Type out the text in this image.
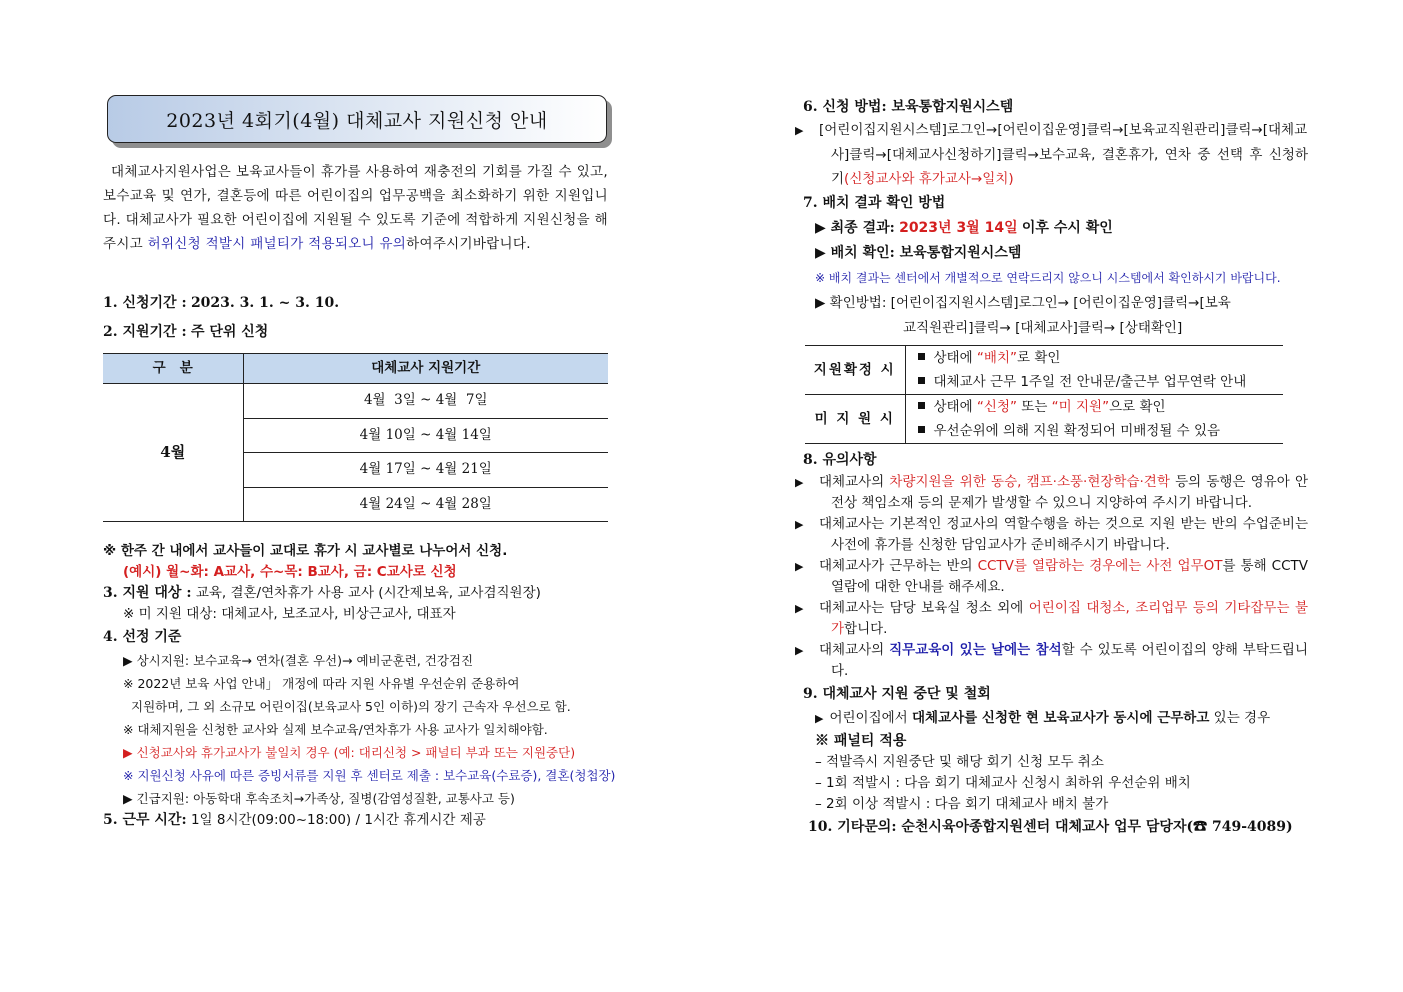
2023년 4회기(4월) 대체교사 지원신청 안내

대체교사지원사업은 보육교사들이 휴가를 사용하여 재충전의 기회를 가질 수 있고, 보수교육 및 연가, 결혼등에 따른 어린이집의 업무공백을 최소화하기 위한 지원입니다. 대체교사가 필요한 어린이집에 지원될 수 있도록 기준에 적합하게 지원신청을 해주시고 허위신청 적발시 패널티가 적용되오니 유의하여주시기바랍니다.

1. 신청기간 : 2023. 3. 1. ~ 3. 10.
2. 지원기간 : 주 단위 신청
구   분	대체교사 지원기간
4월	4월  3일 ~ 4월  7일
	4월 10일 ~ 4월 14일
	4월 17일 ~ 4월 21일
	4월 24일 ~ 4월 28일
※ 한주 간 내에서 교사들이 교대로 휴가 시 교사별로 나누어서 신청.
(예시) 월~화: A교사, 수~목: B교사, 금: C교사로 신청
3. 지원 대상 : 교육, 결혼/연차휴가 사용 교사 (시간제보육, 교사겸직원장)
※ 미 지원 대상: 대체교사, 보조교사, 비상근교사, 대표자
4. 선정 기준
▶ 상시지원: 보수교육→ 연차(결혼 우선)→ 예비군훈련, 건강검진
※ 2022년 보육 사업 안내」 개정에 따라 지원 사유별 우선순위 준용하여
지원하며, 그 외 소규모 어린이집(보육교사 5인 이하)의 장기 근속자 우선으로 함.
※ 대체지원을 신청한 교사와 실제 보수교육/연차휴가 사용 교사가 일치해야함.
▶ 신청교사와 휴가교사가 불일치 경우 (예: 대리신청 > 패널티 부과 또는 지원중단)
※ 지원신청 사유에 따른 증빙서류를 지원 후 센터로 제출 : 보수교육(수료증), 결혼(청첩장)
▶ 긴급지원: 아동학대 후속조치→가족상, 질병(감염성질환, 교통사고 등)
5. 근무 시간: 1일 8시간(09:00~18:00) / 1시간 휴게시간 제공
6. 신청 방법: 보육통합지원시스템
▶ [어린이집지원시스템]로그인→[어린이집운영]클릭→[보육교직원관리]클릭→[대체교사]클릭→[대체교사신청하기]클릭→보수교육, 결혼휴가, 연차 중 선택 후 신청하기(신청교사와 휴가교사→일치)
7. 배치 결과 확인 방법
▶ 최종 결과: 2023년 3월 14일 이후 수시 확인
▶ 배치 확인: 보육통합지원시스템
※ 배치 결과는 센터에서 개별적으로 연락드리지 않으니 시스템에서 확인하시기 바랍니다.
▶ 확인방법: [어린이집지원시스템]로그인→ [어린이집운영]클릭→[보육
교직원관리]클릭→ [대체교사]클릭→ [상태확인]
지원확정 시	상태에 “배치”로 확인
대체교사 근무 1주일 전 안내문/출근부 업무연락 안내

미 지 원 시	상태에 “신청” 또는 “미 지원”으로 확인
우선순위에 의해 지원 확정되어 미배정될 수 있음
8. 유의사항
▶ 대체교사의 차량지원을 위한 동승, 캠프·소풍·현장학습·견학 등의 동행은 영유아 안전상 책임소재 등의 문제가 발생할 수 있으니 지양하여 주시기 바랍니다.
▶ 대체교사는 기본적인 정교사의 역할수행을 하는 것으로 지원 받는 반의 수업준비는 사전에 휴가를 신청한 담임교사가 준비해주시기 바랍니다.
▶ 대체교사가 근무하는 반의 CCTV를 열람하는 경우에는 사전 업무OT를 통해 CCTV열람에 대한 안내를 해주세요.
▶ 대체교사는 담당 보육실 청소 외에 어린이집 대청소, 조리업무 등의 기타잡무는 불가합니다.
▶ 대체교사의 직무교육이 있는 날에는 참석할 수 있도록 어린이집의 양해 부탁드립니다.
9. 대체교사 지원 중단 및 철회
▶ 어린이집에서 대체교사를 신청한 현 보육교사가 동시에 근무하고 있는 경우
※ 패널티 적용
– 적발즉시 지원중단 및 해당 회기 신청 모두 취소
– 1회 적발시 : 다음 회기 대체교사 신청시 최하위 우선순위 배치
– 2회 이상 적발시 : 다음 회기 대체교사 배치 불가
10. 기타문의: 순천시육아종합지원센터 대체교사 업무 담당자(☎ 749-4089)
